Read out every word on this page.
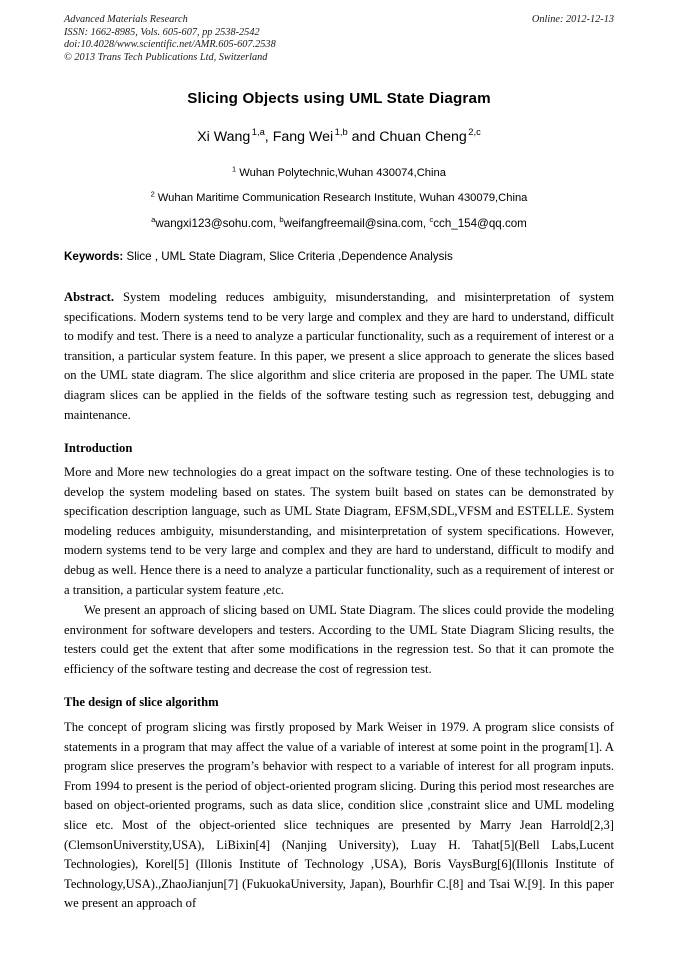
Advanced Materials Research	Online: 2012-12-13
ISSN: 1662-8985, Vols. 605-607, pp 2538-2542
doi:10.4028/www.scientific.net/AMR.605-607.2538
© 2013 Trans Tech Publications Ltd, Switzerland
Slicing Objects using UML State Diagram
Xi Wang $^{1,a}$, Fang Wei $^{1,b}$ and Chuan Cheng $^{2,c}$
$^1$ Wuhan Polytechnic,Wuhan 430074,China
$^2$ Wuhan Maritime Communication Research Institute, Wuhan 430079,China
$^a$wangxi123@sohu.com, $^b$weifangfreemail@sina.com, $^c$cch_154@qq.com
Keywords: Slice , UML State Diagram, Slice Criteria ,Dependence Analysis
Abstract. System modeling reduces ambiguity, misunderstanding, and misinterpretation of system specifications. Modern systems tend to be very large and complex and they are hard to understand, difficult to modify and test. There is a need to analyze a particular functionality, such as a requirement of interest or a transition, a particular system feature. In this paper, we present a slice approach to generate the slices based on the UML state diagram. The slice algorithm and slice criteria are proposed in the paper. The UML state diagram slices can be applied in the fields of the software testing such as regression test, debugging and maintenance.
Introduction
More and More new technologies do a great impact on the software testing. One of these technologies is to develop the system modeling based on states. The system built based on states can be demonstrated by specification description language, such as UML State Diagram, EFSM,SDL,VFSM and ESTELLE. System modeling reduces ambiguity, misunderstanding, and misinterpretation of system specifications. However, modern systems tend to be very large and complex and they are hard to understand, difficult to modify and debug as well. Hence there is a need to analyze a particular functionality, such as a requirement of interest or a transition, a particular system feature ,etc.
We present an approach of slicing based on UML State Diagram. The slices could provide the modeling environment for software developers and testers. According to the UML State Diagram Slicing results, the testers could get the extent that after some modifications in the regression test. So that it can promote the efficiency of the software testing and decrease the cost of regression test.
The design of slice algorithm
The concept of program slicing was firstly proposed by Mark Weiser in 1979. A program slice consists of statements in a program that may affect the value of a variable of interest at some point in the program[1]. A program slice preserves the program’s behavior with respect to a variable of interest for all program inputs. From 1994 to present is the period of object-oriented program slicing. During this period most researches are based on object-oriented programs, such as data slice, condition slice ,constraint slice and UML modeling slice etc. Most of the object-oriented slice techniques are presented by Marry Jean Harrold[2,3](ClemsonUniverstity,USA), LiBixin[4] (Nanjing University), Luay H. Tahat[5](Bell Labs,Lucent Technologies), Korel[5] (Illonis Institute of Technology ,USA), Boris VaysBurg[6](Illonis Institute of Technology,USA).,ZhaoJianjun[7] (FukuokaUniversity, Japan), Bourhfir C.[8] and Tsai W.[9]. In this paper we present an approach of
